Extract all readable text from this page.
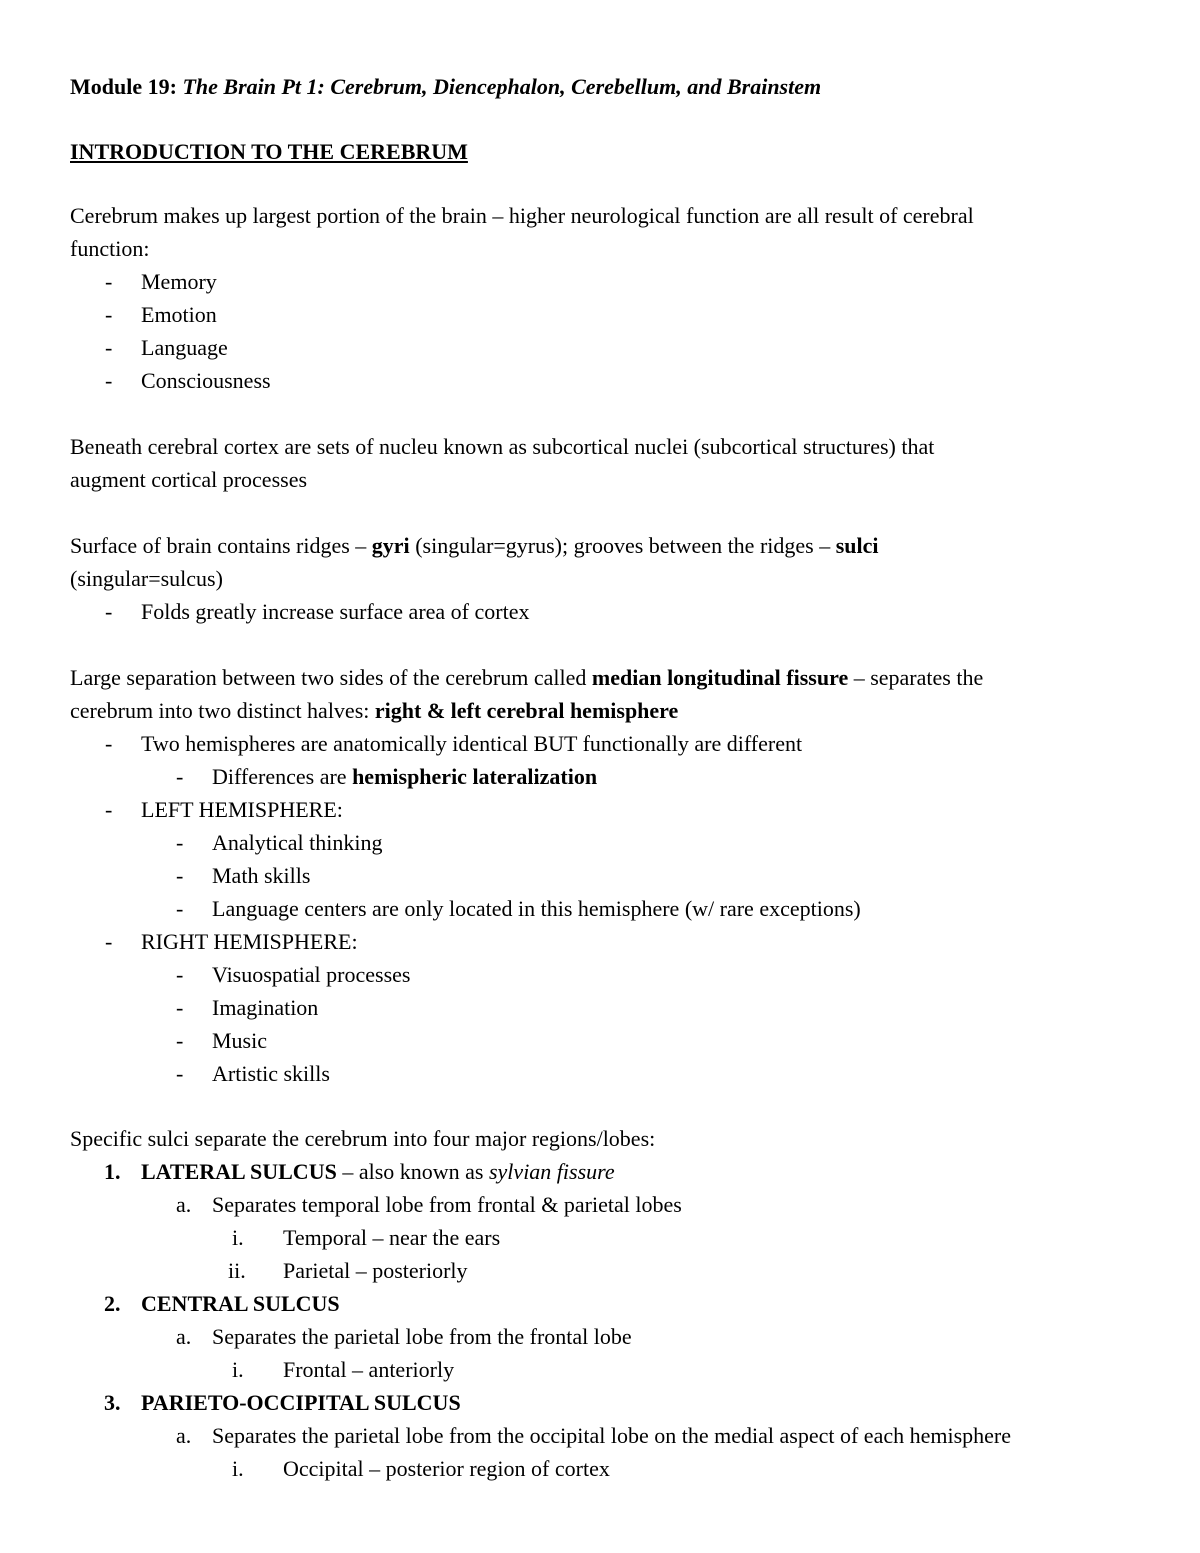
Module 19: The Brain Pt 1: Cerebrum, Diencephalon, Cerebellum, and Brainstem
INTRODUCTION TO THE CEREBRUM
Cerebrum makes up largest portion of the brain – higher neurological function are all result of cerebral
function:
- Memory
- Emotion
- Language
- Consciousness
Beneath cerebral cortex are sets of nucleu known as subcortical nuclei (subcortical structures) that
augment cortical processes
Surface of brain contains ridges – gyri (singular=gyrus); grooves between the ridges – sulci
(singular=sulcus)
- Folds greatly increase surface area of cortex
Large separation between two sides of the cerebrum called median longitudinal fissure – separates the
cerebrum into two distinct halves: right & left cerebral hemisphere
- Two hemispheres are anatomically identical BUT functionally are different
- Differences are hemispheric lateralization
- LEFT HEMISPHERE:
- Analytical thinking
- Math skills
- Language centers are only located in this hemisphere (w/ rare exceptions)
- RIGHT HEMISPHERE:
- Visuospatial processes
- Imagination
- Music
- Artistic skills
Specific sulci separate the cerebrum into four major regions/lobes:
1. LATERAL SULCUS – also known as sylvian fissure
a. Separates temporal lobe from frontal & parietal lobes
i. Temporal – near the ears
ii. Parietal – posteriorly
2. CENTRAL SULCUS
a. Separates the parietal lobe from the frontal lobe
i. Frontal – anteriorly
3. PARIETO-OCCIPITAL SULCUS
a. Separates the parietal lobe from the occipital lobe on the medial aspect of each hemisphere
i. Occipital – posterior region of cortex
